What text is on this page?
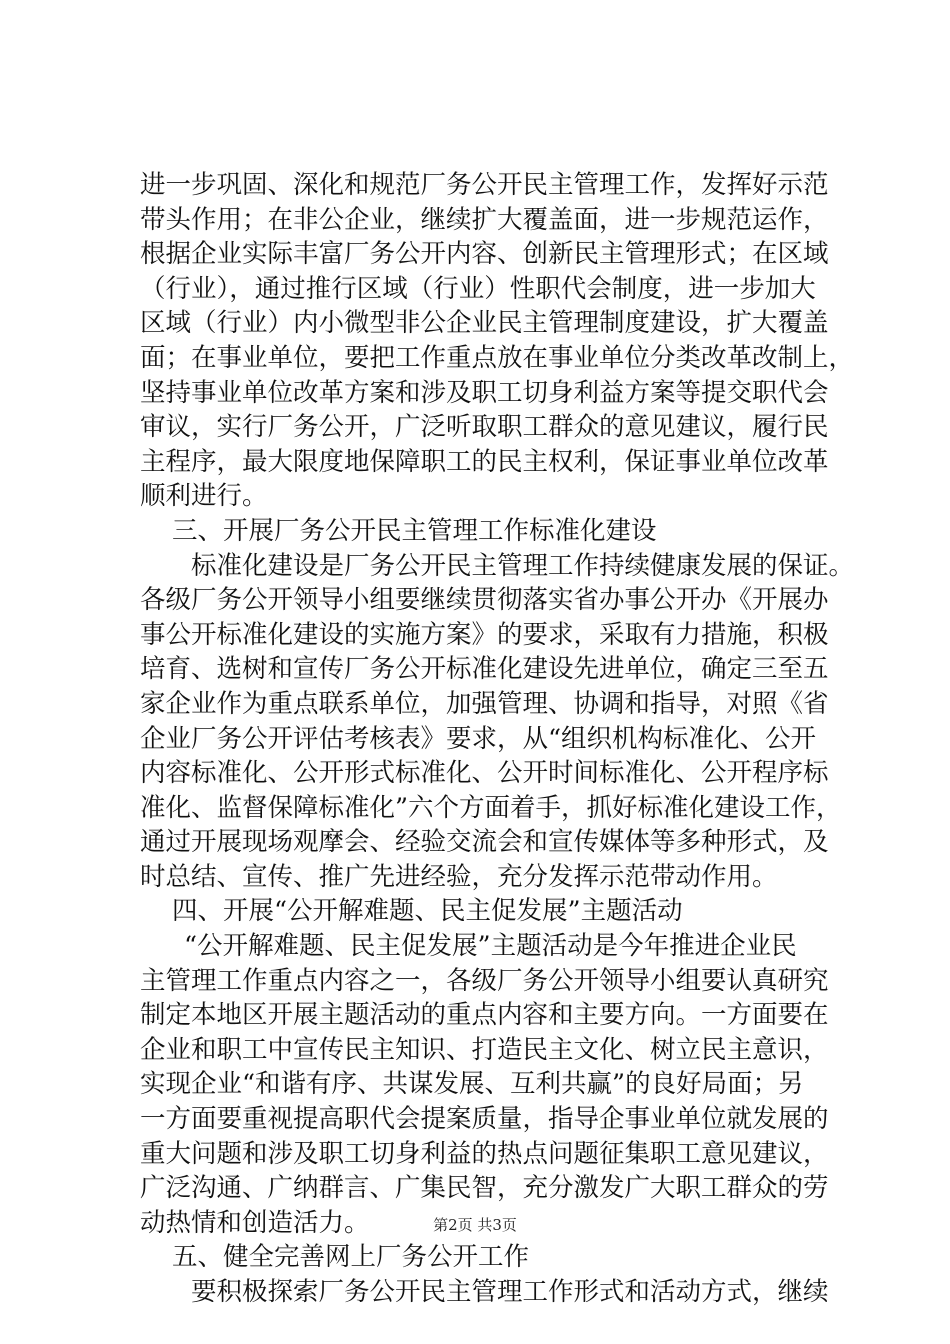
进一步巩固、深化和规范厂务公开民主管理工作，发挥好示范
带头作用；在非公企业，继续扩大覆盖面，进一步规范运作，
根据企业实际丰富厂务公开内容、创新民主管理形式；在区域
（行业），通过推行区域（行业）性职代会制度，进一步加大
区域（行业）内小微型非公企业民主管理制度建设，扩大覆盖
面；在事业单位，要把工作重点放在事业单位分类改革改制上，
坚持事业单位改革方案和涉及职工切身利益方案等提交职代会
审议，实行厂务公开，广泛听取职工群众的意见建议，履行民
主程序，最大限度地保障职工的民主权利，保证事业单位改革
顺利进行。
三、开展厂务公开民主管理工作标准化建设
标准化建设是厂务公开民主管理工作持续健康发展的保证。
各级厂务公开领导小组要继续贯彻落实省办事公开办《开展办
事公开标准化建设的实施方案》的要求，采取有力措施，积极
培育、选树和宣传厂务公开标准化建设先进单位，确定三至五
家企业作为重点联系单位，加强管理、协调和指导，对照《省
企业厂务公开评估考核表》要求，从“组织机构标准化、公开
内容标准化、公开形式标准化、公开时间标准化、公开程序标
准化、监督保障标准化”六个方面着手，抓好标准化建设工作，
通过开展现场观摩会、经验交流会和宣传媒体等多种形式，及
时总结、宣传、推广先进经验，充分发挥示范带动作用。
四、开展“公开解难题、民主促发展”主题活动
“公开解难题、民主促发展”主题活动是今年推进企业民
主管理工作重点内容之一，各级厂务公开领导小组要认真研究
制定本地区开展主题活动的重点内容和主要方向。一方面要在
企业和职工中宣传民主知识、打造民主文化、树立民主意识，
实现企业“和谐有序、共谋发展、互利共赢”的良好局面；另
一方面要重视提高职代会提案质量，指导企事业单位就发展的
重大问题和涉及职工切身利益的热点问题征集职工意见建议，
广泛沟通、广纳群言、广集民智，充分激发广大职工群众的劳
动热情和创造活力。
五、健全完善网上厂务公开工作
要积极探索厂务公开民主管理工作形式和活动方式，继续
第2页 共3页
